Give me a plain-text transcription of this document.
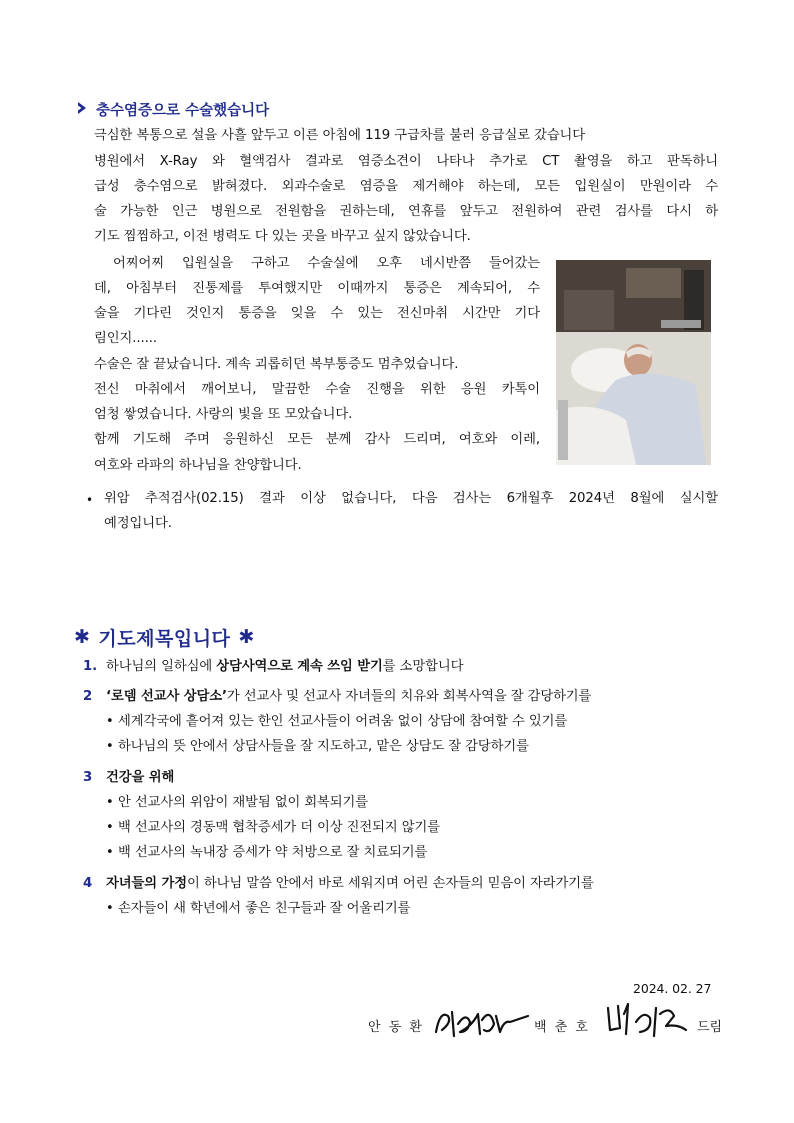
충수염증으로 수술했습니다
극심한 복통으로 설을 사흘 앞두고 이른 아침에 119 구급차를 불러 응급실로 갔습니다
병원에서 X-Ray 와 혈액검사 결과로 염증소견이 나타나 추가로 CT 촬영을 하고 판독하니
급성 충수염으로 밝혀졌다. 외과수술로 염증을 제거해야 하는데, 모든 입원실이 만원이라 수
술 가능한 인근 병원으로 전원함을 권하는데, 연휴를 앞두고 전원하여 관련 검사를 다시 하
기도 찜찜하고, 이전 병력도 다 있는 곳을 바꾸고 싶지 않았습니다.
어찌어찌 입원실을 구하고 수술실에 오후 네시반쯤 들어갔는
데, 아침부터 진통제를 투여했지만 이때까지 통증은 계속되어, 수
술을 기다린 것인지 통증을 잊을 수 있는 전신마취 시간만 기다
림인지......
수술은 잘 끝났습니다. 계속 괴롭히던 복부통증도 멈추었습니다.
전신 마취에서 깨어보니, 말끔한 수술 진행을 위한 응원 카톡이
엄청 쌓였습니다. 사랑의 빛을 또 모았습니다.
함께 기도해 주며 응원하신 모든 분께 감사 드리며, 여호와 이레,
여호와 라파의 하나님을 찬양합니다.
• 위암 추적검사(02.15) 결과 이상 없습니다, 다음 검사는 6개월후 2024년 8월에 실시할
예정입니다.
✱ 기도제목입니다 ✱
1. 하나님의 일하심에 상담사역으로 계속 쓰임 받기를 소망합니다
2 ‘로뎀 선교사 상담소’가 선교사 및 선교사 자녀들의 치유와 회복사역을 잘 감당하기를
• 세계각국에 흩어져 있는 한인 선교사들이 어려움 없이 상담에 참여할 수 있기를
• 하나님의 뜻 안에서 상담사들을 잘 지도하고, 맡은 상담도 잘 감당하기를
3 건강을 위해
• 안 선교사의 위암이 재발됨 없이 회복되기를
• 백 선교사의 경동맥 협착증세가 더 이상 진전되지 않기를
• 백 선교사의 녹내장 증세가 약 처방으로 잘 치료되기를
4 자녀들의 가정이 하나님 말씀 안에서 바로 세워지며 어린 손자들의 믿음이 자라가기를
• 손자들이 새 학년에서 좋은 친구들과 잘 어울리기를
2024. 02. 27
안 동 환	백 춘 호	드림
